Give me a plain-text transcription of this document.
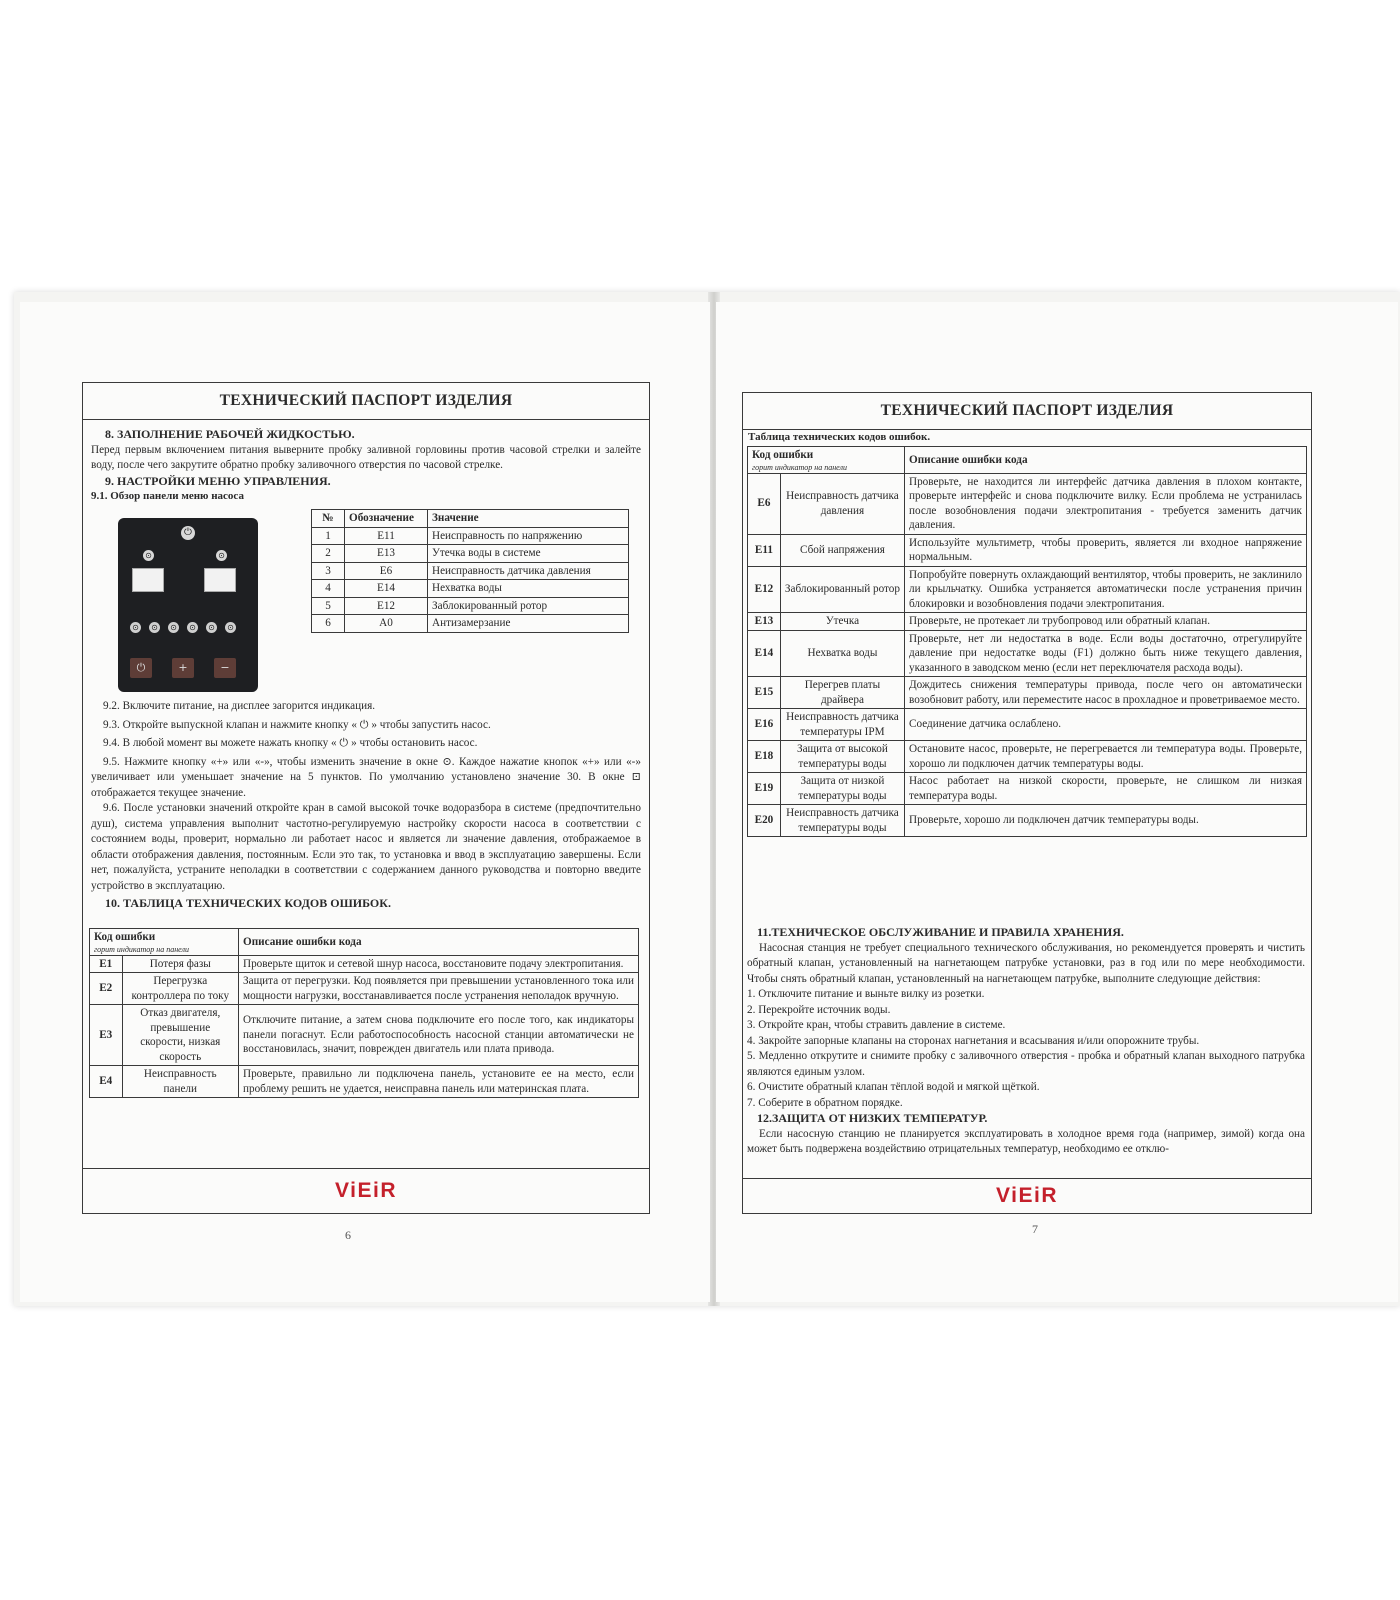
ТЕХНИЧЕСКИЙ ПАСПОРТ ИЗДЕЛИЯ
8. ЗАПОЛНЕНИЕ РАБОЧЕЙ ЖИДКОСТЬЮ.
Перед первым включением питания выверните пробку заливной горловины против часовой стрелки и залейте воду, после чего закрутите обратно пробку заливочного отверстия по часовой стрелке.
9. НАСТРОЙКИ МЕНЮ УПРАВЛЕНИЯ.
9.1. Обзор панели меню насоса
№	Обозначение	Значение
1	E11	Неисправность по напряжению
2	E13	Утечка воды в системе
3	E6	Неисправность датчика давления
4	E14	Нехватка воды
5	E12	Заблокированный ротор
6	A0	Антизамерзание
9.2. Включите питание, на дисплее загорится индикация.
9.3. Откройте выпускной клапан и нажмите кнопку « ⏻ » чтобы запустить насос.
9.4. В любой момент вы можете нажать кнопку « ⏻ » чтобы остановить насос.
9.5. Нажмите кнопку «+» или «-», чтобы изменить значение в окне ⊙. Каждое нажатие кнопок «+» или «-» увеличивает или уменьшает значение на 5 пунктов. По умолчанию установлено значение 30. В окне ⊡ отображается текущее значение.
9.6. После установки значений откройте кран в самой высокой точке водоразбора в системе (предпочтительно душ), система управления выполнит частотно-регулируемую настройку скорости насоса в соответствии с состоянием воды, проверит, нормально ли работает насос и является ли значение давления, отображаемое в области отображения давления, постоянным. Если это так, то установка и ввод в эксплуатацию завершены. Если нет, пожалуйста, устраните неполадки в соответствии с содержанием данного руководства и повторно введите устройство в эксплуатацию.
10. ТАБЛИЦА ТЕХНИЧЕСКИХ КОДОВ ОШИБОК.
Код ошибки
горит индикатор на панели		Описание ошибки кода
E1	Потеря фазы	Проверьте щиток и сетевой шнур насоса, восстановите подачу электропитания.
E2	Перегрузка контроллера по току	Защита от перегрузки. Код появляется при превышении установленного тока или мощности нагрузки, восстанавливается после устранения неполадок вручную.
E3	Отказ двигателя, превышение скорости, низкая скорость	Отключите питание, а затем снова подключите его после того, как индикаторы панели погаснут. Если работоспособность насосной станции автоматически не восстановилась, значит, поврежден двигатель или плата привода.
E4	Неисправность панели	Проверьте, правильно ли подключена панель, установите ее на место, если проблему решить не удается, неисправна панель или материнская плата.
ViEiR
6
ТЕХНИЧЕСКИЙ ПАСПОРТ ИЗДЕЛИЯ
Таблица технических кодов ошибок.
Код ошибки
горит индикатор на панели		Описание ошибки кода
E6	Неисправность датчика давления	Проверьте, не находится ли интерфейс датчика давления в плохом контакте, проверьте интерфейс и снова подключите вилку. Если проблема не устранилась после возобновления подачи электропитания - требуется заменить датчик давления.
E11	Сбой напряжения	Используйте мультиметр, чтобы проверить, является ли входное напряжение нормальным.
E12	Заблокированный ротор	Попробуйте повернуть охлаждающий вентилятор, чтобы проверить, не заклинило ли крыльчатку. Ошибка устраняется автоматически после устранения причин блокировки и возобновления подачи электропитания.
E13	Утечка	Проверьте, не протекает ли трубопровод или обратный клапан.
E14	Нехватка воды	Проверьте, нет ли недостатка в воде. Если воды достаточно, отрегулируйте давление при недостатке воды (F1) должно быть ниже текущего давления, указанного в заводском меню (если нет переключателя расхода воды).
E15	Перегрев платы драйвера	Дождитесь снижения температуры привода, после чего он автоматически возобновит работу, или переместите насос в прохладное и проветриваемое место.
E16	Неисправность датчика температуры IPM	Соединение датчика ослаблено.
E18	Защита от высокой температуры воды	Остановите насос, проверьте, не перегревается ли температура воды. Проверьте, хорошо ли подключен датчик температуры воды.
E19	Защита от низкой температуры воды	Насос работает на низкой скорости, проверьте, не слишком ли низкая температура воды.
E20	Неисправность датчика температуры воды	Проверьте, хорошо ли подключен датчик температуры воды.
11.ТЕХНИЧЕСКОЕ ОБСЛУЖИВАНИЕ И ПРАВИЛА ХРАНЕНИЯ.
Насосная станция не требует специального технического обслуживания, но рекомендуется проверять и чистить обратный клапан, установленный на нагнетающем патрубке установки, раз в год или по мере необходимости. Чтобы снять обратный клапан, установленный на нагнетающем патрубке, выполните следующие действия:
1. Отключите питание и выньте вилку из розетки.
2. Перекройте источник воды.
3. Откройте кран, чтобы стравить давление в системе.
4. Закройте запорные клапаны на сторонах нагнетания и всасывания и/или опорожните трубы.
5. Медленно открутите и снимите пробку с заливочного отверстия - пробка и обратный клапан выходного патрубка являются единым узлом.
6. Очистите обратный клапан тёплой водой и мягкой щёткой.
7. Соберите в обратном порядке.
12.ЗАЩИТА ОТ НИЗКИХ ТЕМПЕРАТУР.
Если насосную станцию не планируется эксплуатировать в холодное время года (например, зимой) когда она может быть подвержена воздействию отрицательных температур, необходимо ее отклю-
ViEiR
7
⏻
⊙	⊙
⊙ ⊙ ⊙ ⊙ ⊙ ⊙
⏻	+	−
